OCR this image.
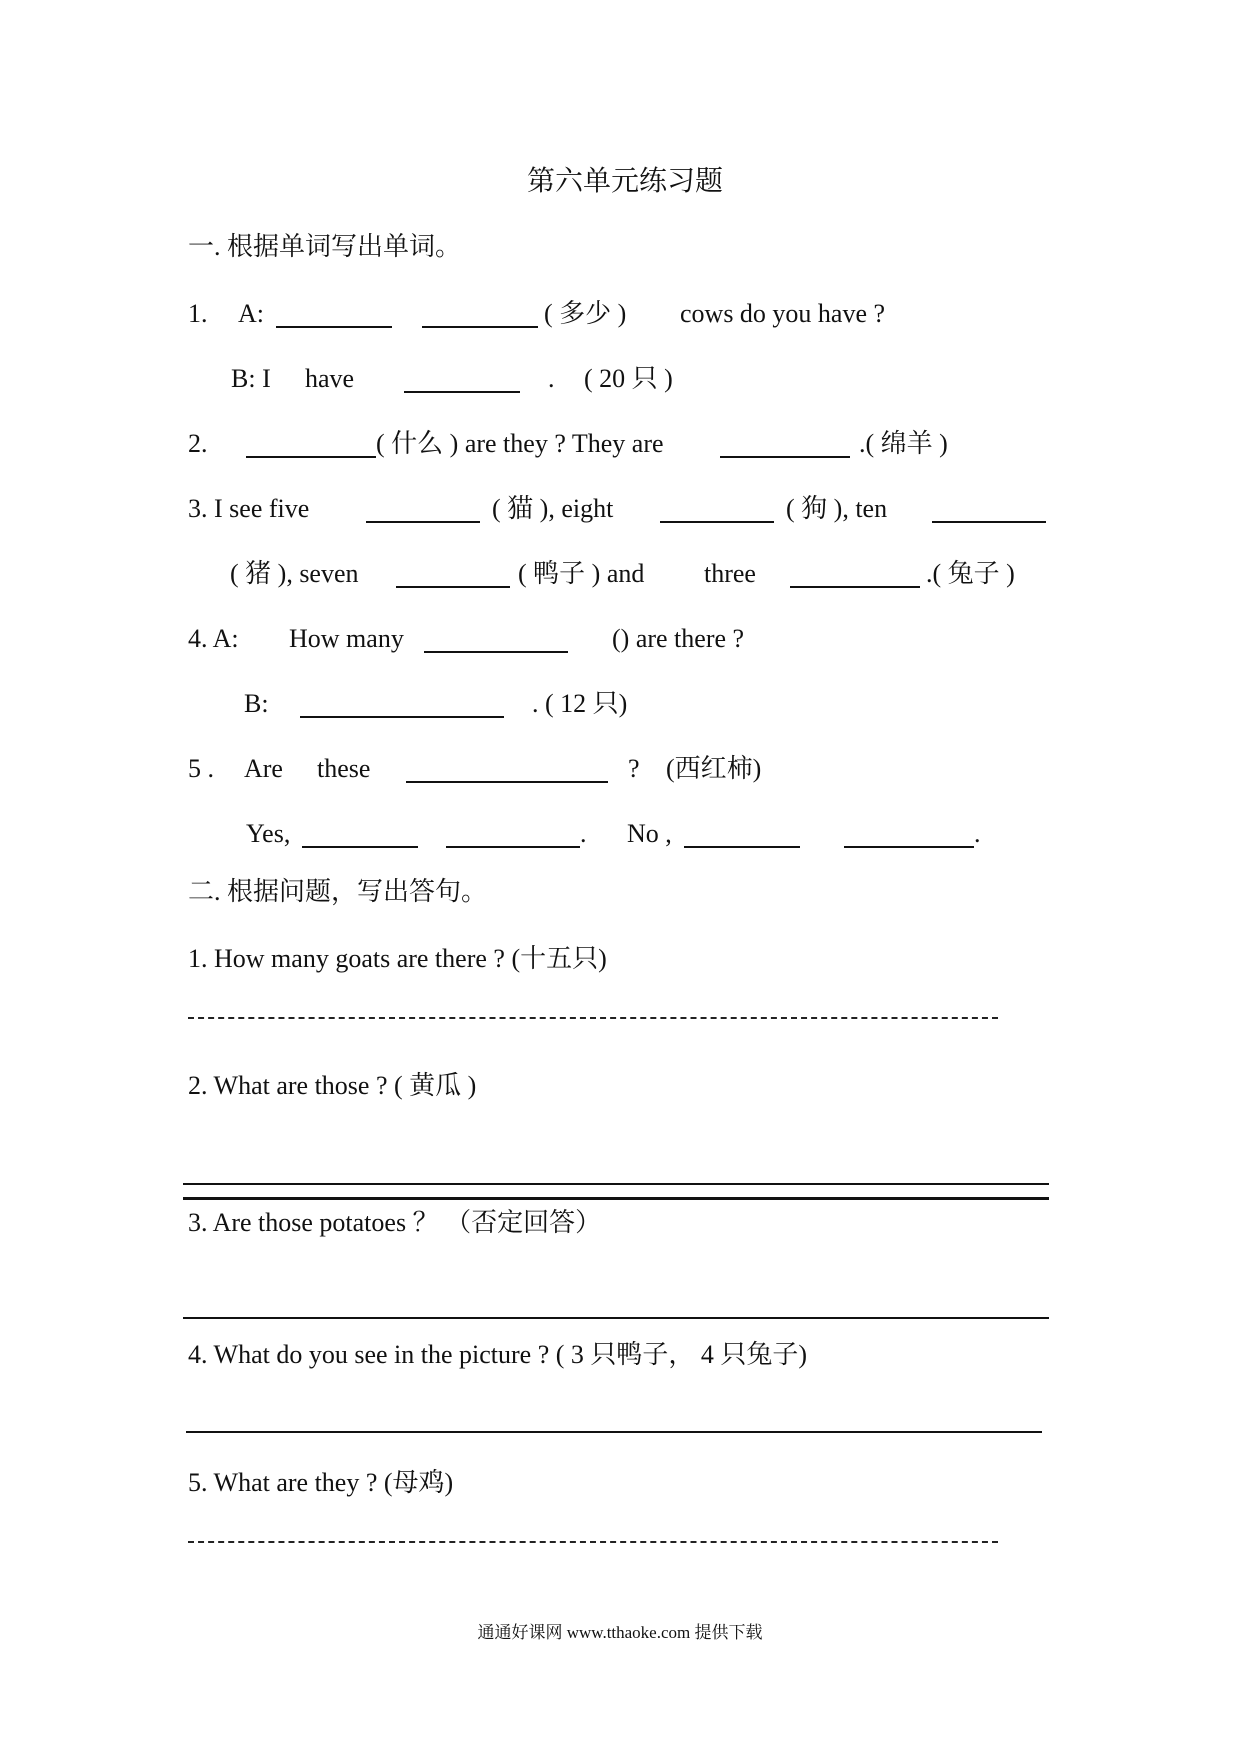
第六单元练习题
一. 根据单词写出单词。
1. A:	( 多少 ) cows do you have ?
B: I have	. ( 20 只 )
2.	( 什么 ) are they ? They are	.( 绵羊 )
3. I see five	( 猫 ), eight	( 狗 ), ten
( 猪 ), seven	( 鸭子 ) and three	.( 兔子 )
4. A: How many	() are there ?
B:	. ( 12 只)
5 . Are these	? (西红柿)
Yes,	. No ,	.
二. 根据问题，写出答句。
1. How many goats are there ? (十五只)
2. What are those ? ( 黄瓜 )
3. Are those potatoes ？ （否定回答）
4. What do you see in the picture ? ( 3 只鸭子， 4 只兔子)
5. What are they ? (母鸡)
通通好课网 www.tthaoke.com 提供下载
